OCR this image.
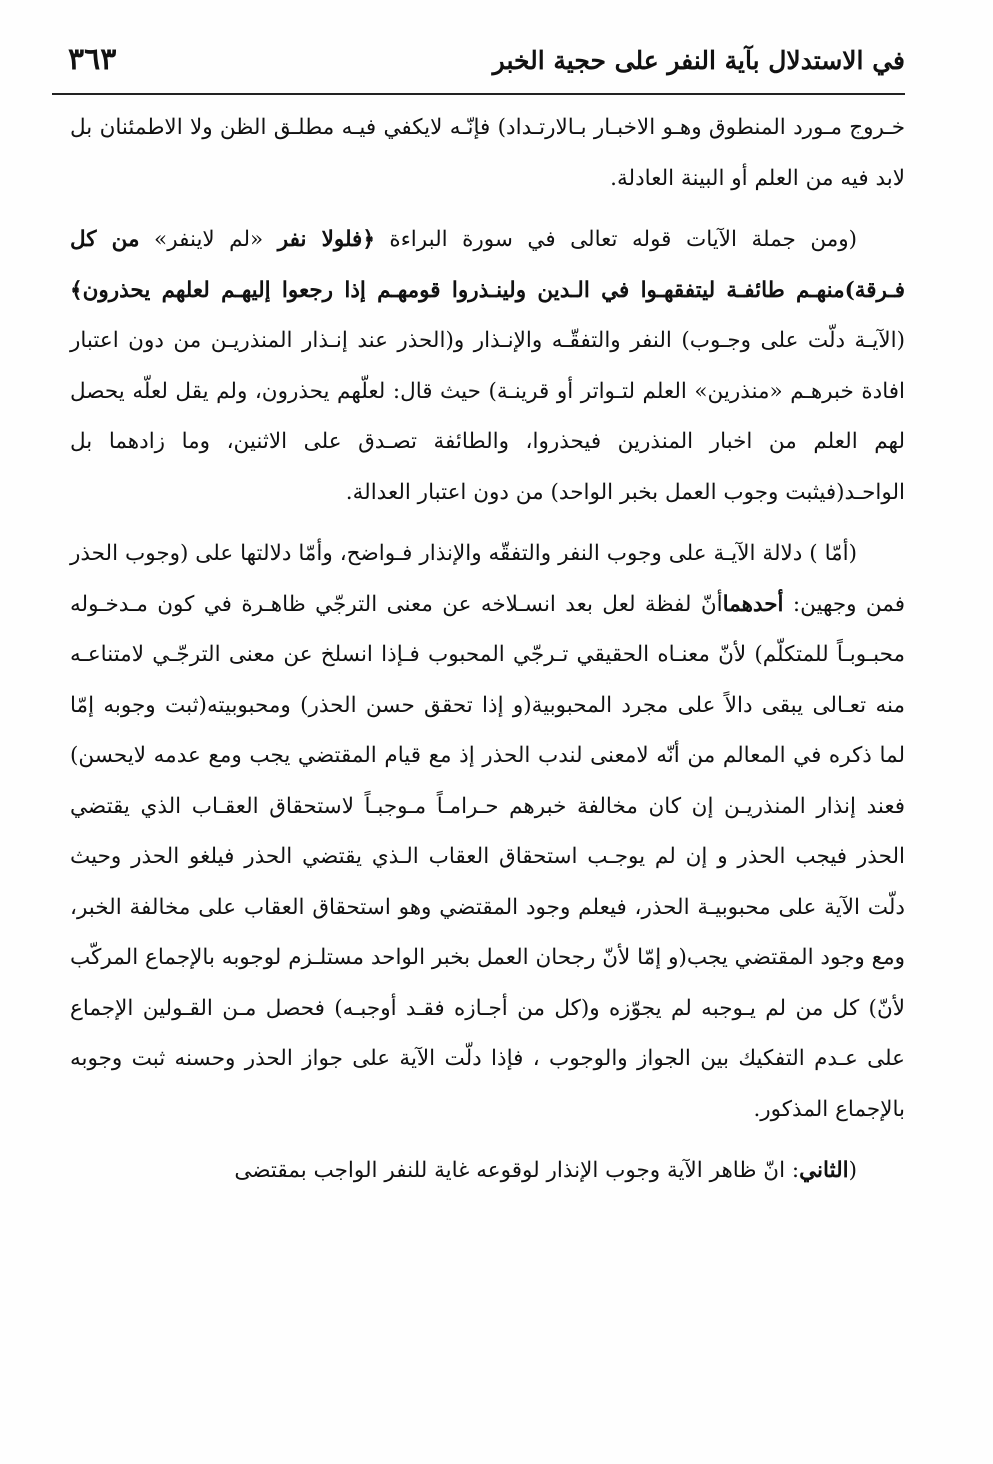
في الاستدلال بآية النفر على حجية الخبر
٣٦٣

خـروج مـورد المنطوق وهـو الاخبـار بـالارتـداد) فإنّـه لايكفي فيـه مطلـق الظن ولا الاطمئنان بل لابد فيه من العلم أو البينة العادلة.

(ومن جملة الآيات قوله تعالى في سورة البراءة ﴿فلولا نفر «لم لاينفر» من كل فـرقة)منهـم طائفـة ليتفقهـوا في الـدين ولينـذروا قومهـم إذا رجعوا إليهـم لعلهم يحذرون﴾(الآيـة دلّت على وجـوب) النفر والتفقّـه والإنـذار و(الحذر عند إنـذار المنذريـن من دون اعتبار افادة خبرهـم «منذرين» العلم لتـواتر أو قرينـة) حيث قال: لعلّهم يحذرون، ولم يقل لعلّه يحصل لهم العلم من اخبار المنذرين فيحذروا، والطائفة تصـدق على الاثنين، وما زادهما بل الواحـد(فيثبت وجوب العمل بخبر الواحد) من دون اعتبار العدالة.

(أمّا ) دلالة الآيـة على وجوب النفر والتفقّه والإنذار فـواضح، وأمّا دلالتها على (وجوب الحذر فمن وجهين: أحدهماأنّ لفظة لعل بعد انسـلاخه عن معنى الترجّي ظاهـرة في كون مـدخـوله محبـوبـاً للمتكلّم) لأنّ معنـاه الحقيقي تـرجّي المحبوب فـإذا انسلخ عن معنى الترجّـي لامتناعـه منه تعـالى يبقى دالاً على مجرد المحبوبية(و إذا تحقق حسن الحذر) ومحبوبيته(ثبت وجوبه إمّا لما ذكره في المعالم من أنّه لامعنى لندب الحذر إذ مع قيام المقتضي يجب ومع عدمه لايحسن) فعند إنذار المنذريـن إن كان مخالفة خبرهم حـرامـاً مـوجبـاً لاستحقاق العقـاب الذي يقتضي الحذر فيجب الحذر و إن لم يوجـب استحقاق العقاب الـذي يقتضي الحذر فيلغو الحذر وحيث دلّت الآية على محبوبيـة الحذر، فيعلم وجود المقتضي وهو استحقاق العقاب على مخالفة الخبر، ومع وجود المقتضي يجب(و إمّا لأنّ رجحان العمل بخبر الواحد مستلـزم لوجوبه بالإجماع المركّب لأنّ) كل من لم يـوجبه لم يجوّزه و(كل من أجـازه فقـد أوجبـه) فحصل مـن القـولين الإجماع على عـدم التفكيك بين الجواز والوجوب ، فإذا دلّت الآية على جواز الحذر وحسنه ثبت وجوبه بالإجماع المذكور.

(الثاني: انّ ظاهر الآية وجوب الإنذار لوقوعه غاية للنفر الواجب بمقتضى
